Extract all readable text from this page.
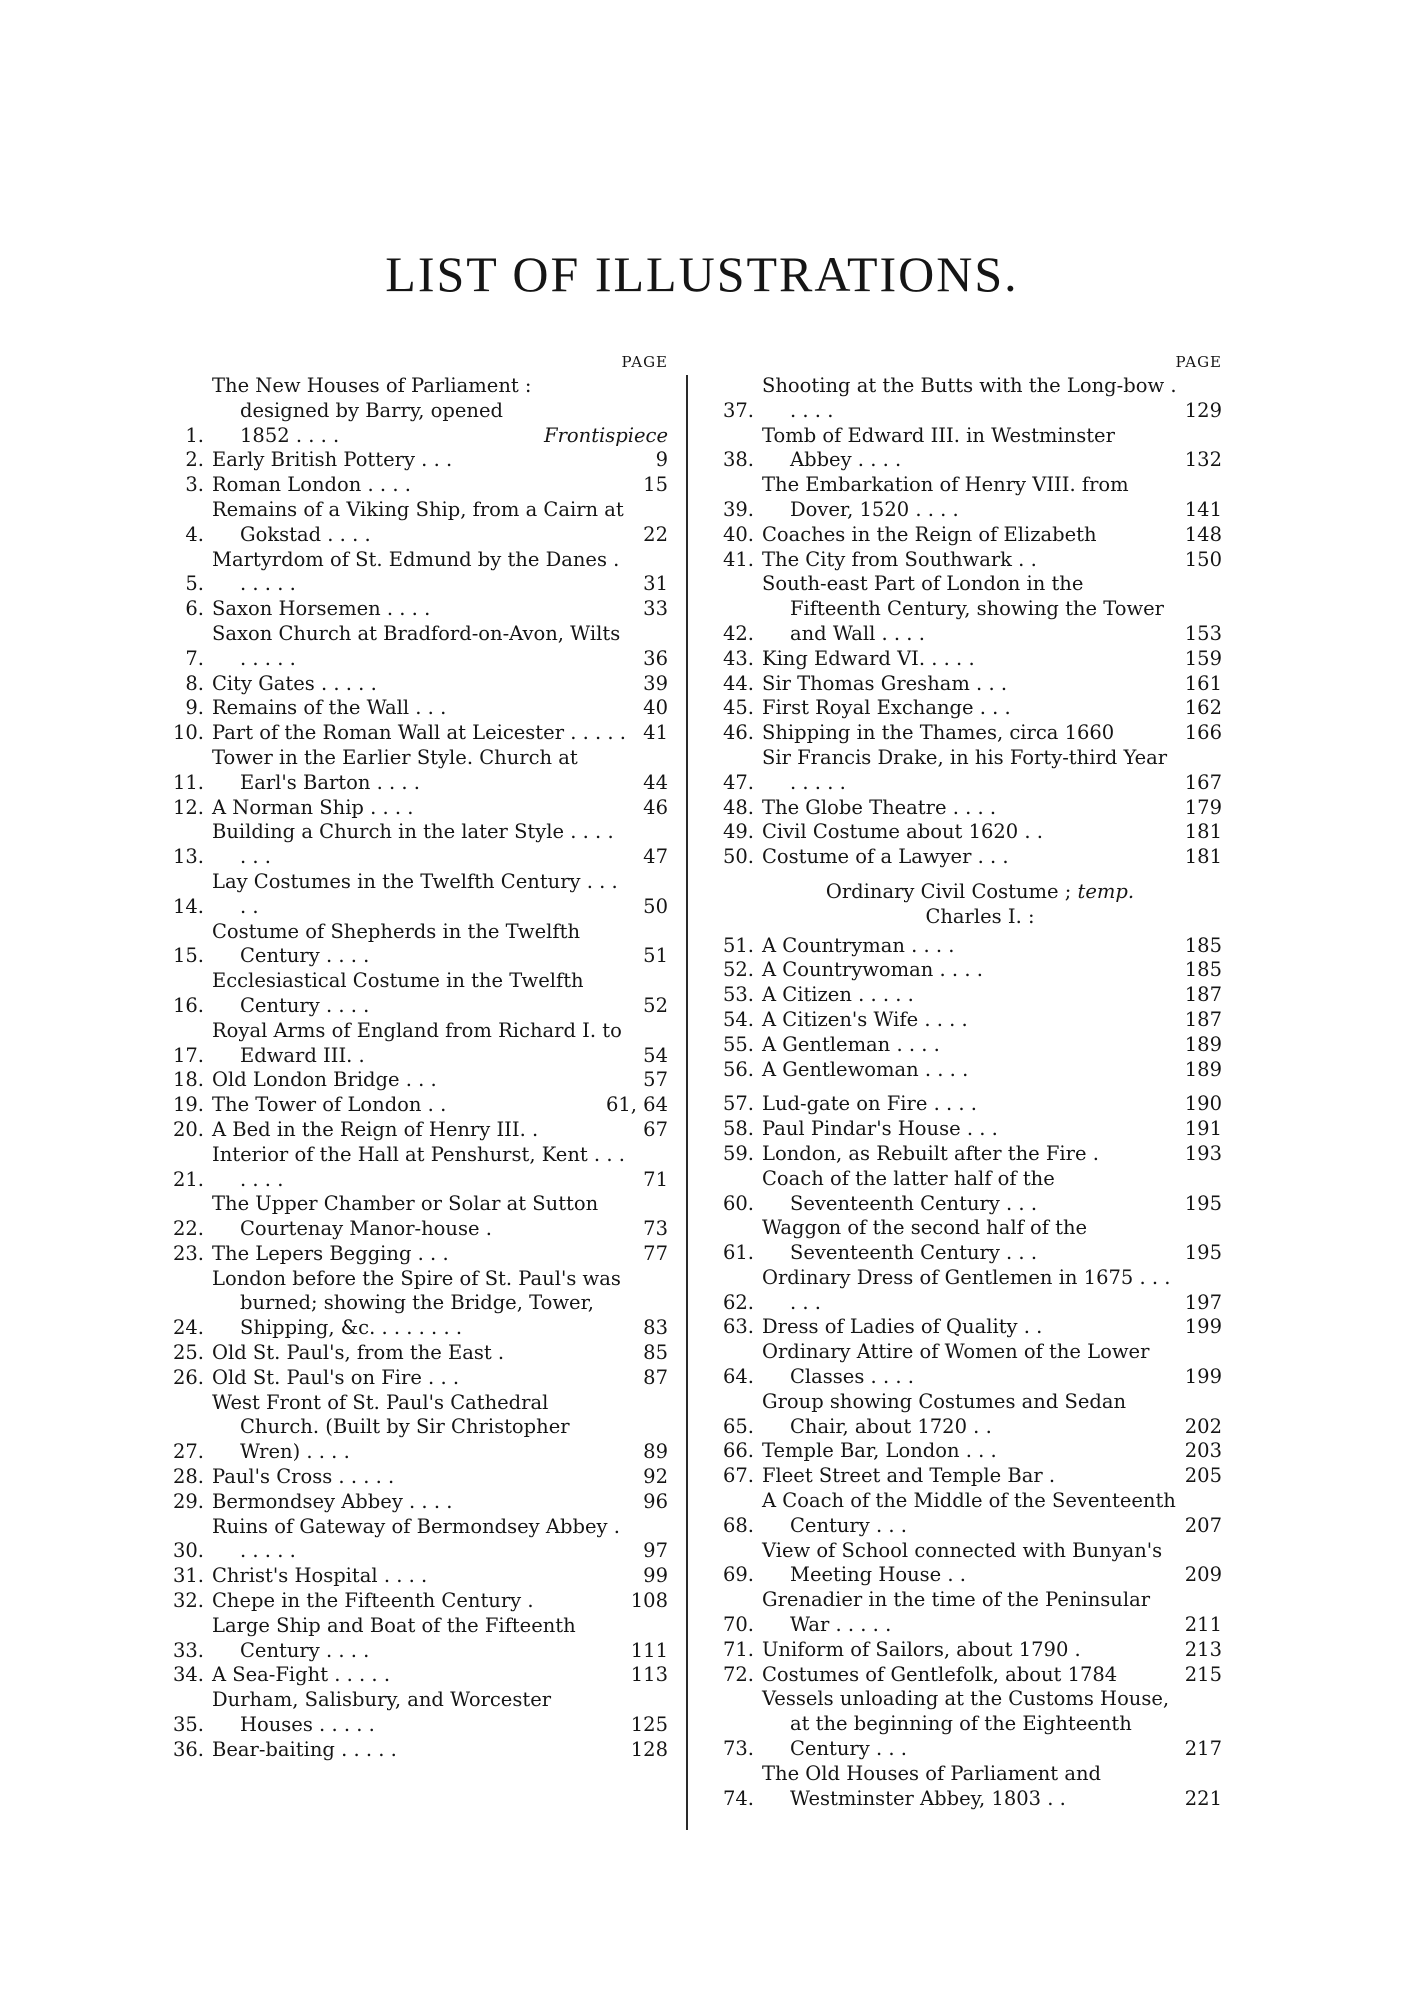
LIST OF ILLUSTRATIONS.
PAGE
1.
The New Houses of Parliament : designed by Barry, opened 1852 . . . .	Frontispiece
2. Early British Pottery . . .	9
3. Roman London . . . .	15
4.
Remains of a Viking Ship, from a Cairn at Gokstad . . . .	22
5.
Martyrdom of St. Edmund by the Danes . . . . . .	31
6. Saxon Horsemen . . . .	33
7.
Saxon Church at Bradford-on-Avon, Wilts . . . . .	36
8. City Gates . . . . .	39
9. Remains of the Wall . . .	40
10. Part of the Roman Wall at Leicester . . . . . 41
11.
Tower in the Earlier Style. Church at Earl's Barton . . . .	44
12. A Norman Ship . . . .	46
13.
Building a Church in the later Style . . . . . . .	47
14.
Lay Costumes in the Twelfth Century . . . . .	50
15.
Costume of Shepherds in the Twelfth Century . . . .	51
16.
Ecclesiastical Costume in the Twelfth Century . . . .	52
17.
Royal Arms of England from Richard I. to Edward III. .	54
18. Old London Bridge . . .	57
19. The Tower of London . .	61, 64
20. A Bed in the Reign of Henry III. .	67
21.
Interior of the Hall at Penshurst, Kent . . . . . . .	71
22.
The Upper Chamber or Solar at Sutton Courtenay Manor-house .	73
23. The Lepers Begging . . .	77
24.
London before the Spire of St. Paul's was burned; showing the Bridge, Tower, Shipping, &c. . . . . . . .	83
25. Old St. Paul's, from the East .	85
26. Old St. Paul's on Fire . . .	87
27.
West Front of St. Paul's Cathedral Church. (Built by Sir Christopher Wren) . . . .	89
28. Paul's Cross . . . . .	92
29. Bermondsey Abbey . . . .	96
30.
Ruins of Gateway of Bermondsey Abbey . . . . . .	97
31. Christ's Hospital . . . .	99
32. Chepe in the Fifteenth Century .	108
33.
Large Ship and Boat of the Fifteenth Century . . . .	111
34. A Sea-Fight . . . . .	113
35.
Durham, Salisbury, and Worcester Houses . . . . .	125
36. Bear-baiting . . . . .	128
PAGE
37.
Shooting at the Butts with the Long-bow . . . . .	129
38.
Tomb of Edward III. in Westminster Abbey . . . .	132
39.
The Embarkation of Henry VIII. from Dover, 1520 . . . .	141
40. Coaches in the Reign of Elizabeth	148
41. The City from Southwark . .	150
42.
South-east Part of London in the Fifteenth Century, showing the Tower and Wall . . . .	153
43. King Edward VI. . . . .	159
44. Sir Thomas Gresham . . .	161
45. First Royal Exchange . . .	162
46. Shipping in the Thames, circa 1660	166
47.
Sir Francis Drake, in his Forty-third Year . . . . .	167
48. The Globe Theatre . . . .	179
49. Civil Costume about 1620 . .	181
50. Costume of a Lawyer . . .	181
Ordinary Civil Costume ; temp.
Charles I. :
51. A Countryman . . . .	185
52. A Countrywoman . . . .	185
53. A Citizen . . . . .	187
54. A Citizen's Wife . . . .	187
55. A Gentleman . . . .	189
56. A Gentlewoman . . . .	189
57. Lud-gate on Fire . . . .	190
58. Paul Pindar's House . . .	191
59. London, as Rebuilt after the Fire .	193
60.
Coach of the latter half of the Seventeenth Century . . .	195
61.
Waggon of the second half of the Seventeenth Century . . .	195
62.
Ordinary Dress of Gentlemen in 1675 . . . . . .	197
63. Dress of Ladies of Quality . .	199
64.
Ordinary Attire of Women of the Lower Classes . . . .	199
65.
Group showing Costumes and Sedan Chair, about 1720 . .	202
66. Temple Bar, London . . .	203
67. Fleet Street and Temple Bar .	205
68.
A Coach of the Middle of the Seventeenth Century . . .	207
69.
View of School connected with Bunyan's Meeting House . .	209
70.
Grenadier in the time of the Peninsular War . . . . .	211
71. Uniform of Sailors, about 1790 .	213
72. Costumes of Gentlefolk, about 1784	215
73.
Vessels unloading at the Customs House, at the beginning of the Eighteenth Century . . .	217
74.
The Old Houses of Parliament and Westminster Abbey, 1803 . .	221
